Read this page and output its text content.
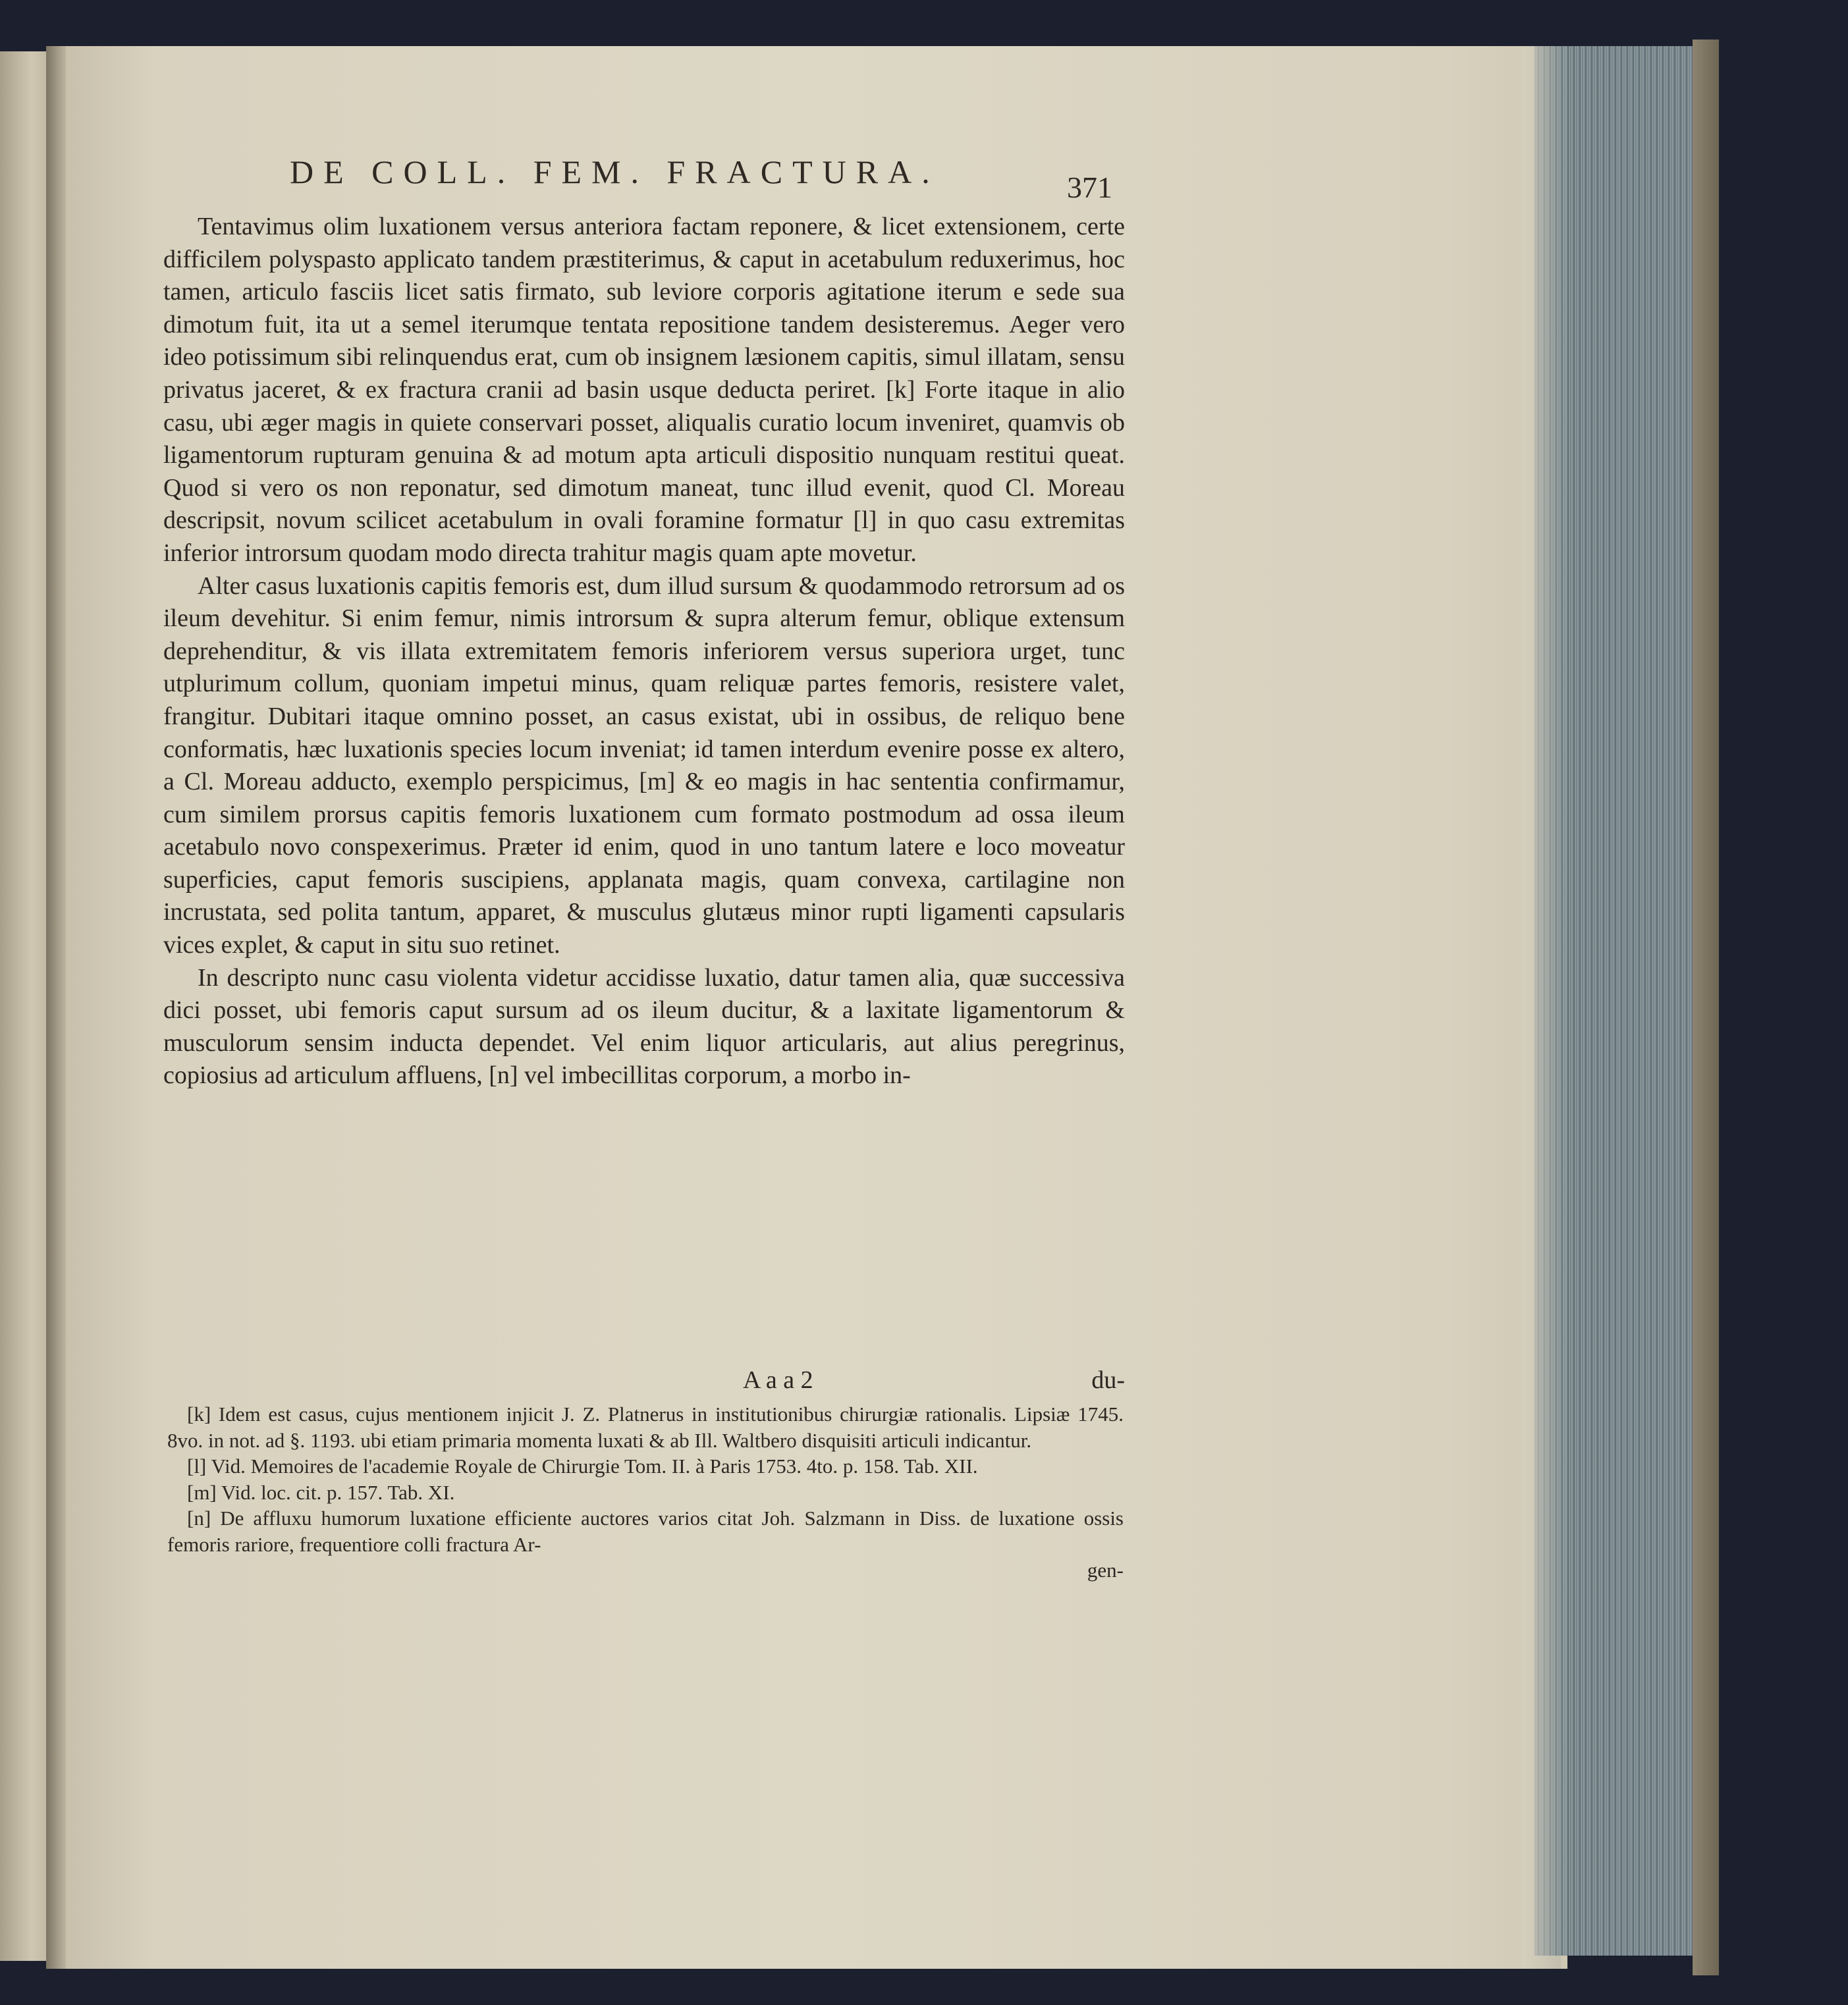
DE COLL. FEM. FRACTURA.	371

Tentavimus olim luxationem versus anteriora factam reponere, & licet extensionem, certe difficilem polyspasto applicato tandem præstiterimus, & caput in acetabulum reduxerimus, hoc tamen, articulo fasciis licet satis firmato, sub leviore corporis agitatione iterum e sede sua dimotum fuit, ita ut a semel iterumque tentata repositione tandem desisteremus. Aeger vero ideo potissimum sibi relinquendus erat, cum ob insignem læsionem capitis, simul illatam, sensu privatus jaceret, & ex fractura cranii ad basin usque deducta periret. [k] Forte itaque in alio casu, ubi æger magis in quiete conservari posset, aliqualis curatio locum inveniret, quamvis ob ligamentorum rupturam genuina & ad motum apta articuli dispositio nunquam restitui queat. Quod si vero os non reponatur, sed dimotum maneat, tunc illud evenit, quod Cl. Moreau descripsit, novum scilicet acetabulum in ovali foramine formatur [l] in quo casu extremitas inferior introrsum quodam modo directa trahitur magis quam apte movetur.

Alter casus luxationis capitis femoris est, dum illud sursum & quodammodo retrorsum ad os ileum devehitur. Si enim femur, nimis introrsum & supra alterum femur, oblique extensum deprehenditur, & vis illata extremitatem femoris inferiorem versus superiora urget, tunc utplurimum collum, quoniam impetui minus, quam reliquæ partes femoris, resistere valet, frangitur. Dubitari itaque omnino posset, an casus existat, ubi in ossibus, de reliquo bene conformatis, hæc luxationis species locum inveniat; id tamen interdum evenire posse ex altero, a Cl. Moreau adducto, exemplo perspicimus, [m] & eo magis in hac sententia confirmamur, cum similem prorsus capitis femoris luxationem cum formato postmodum ad ossa ileum acetabulo novo conspexerimus. Præter id enim, quod in uno tantum latere e loco moveatur superficies, caput femoris suscipiens, applanata magis, quam convexa, cartilagine non incrustata, sed polita tantum, apparet, & musculus glutæus minor rupti ligamenti capsularis vices explet, & caput in situ suo retinet.

In descripto nunc casu violenta videtur accidisse luxatio, datur tamen alia, quæ successiva dici posset, ubi femoris caput sursum ad os ileum ducitur, & a laxitate ligamentorum & musculorum sensim inducta dependet. Vel enim liquor articularis, aut alius peregrinus, copiosius ad articulum affluens, [n] vel imbecillitas corporum, a morbo in-

A a a 2	du-

[k] Idem est casus, cujus mentionem injicit J. Z. Platnerus in institutionibus chirurgiæ rationalis. Lipsiæ 1745. 8vo. in not. ad §. 1193. ubi etiam primaria momenta luxati & ab Ill. Waltbero disquisiti articuli indicantur.

[l] Vid. Memoires de l'academie Royale de Chirurgie Tom. II. à Paris 1753. 4to. p. 158. Tab. XII.

[m] Vid. loc. cit. p. 157. Tab. XI.

[n] De affluxu humorum luxatione efficiente auctores varios citat Joh. Salzmann in Diss. de luxatione ossis femoris rariore, frequentiore colli fractura Ar-

gen-
